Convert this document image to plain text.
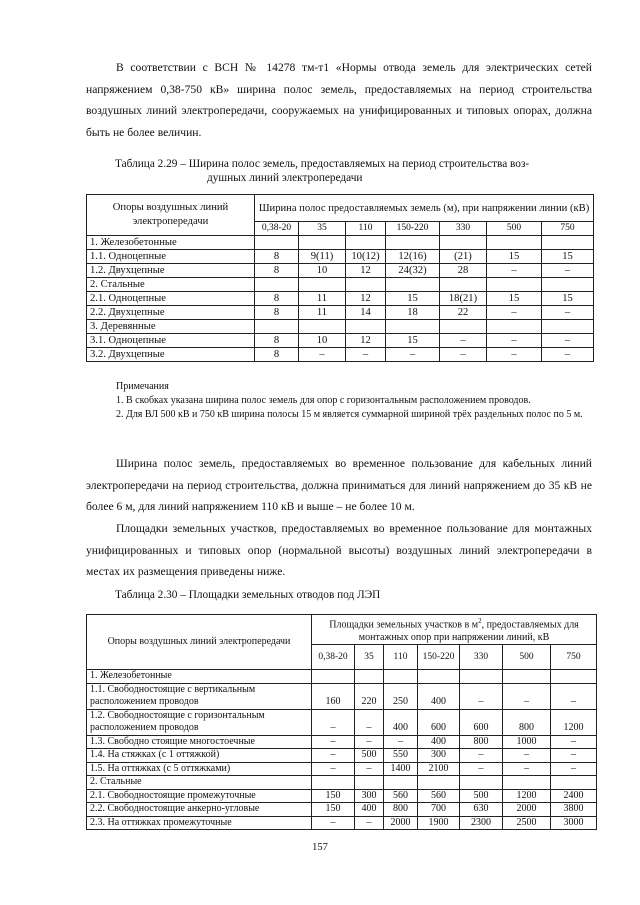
В соответствии с ВСН № 14278 тм-т1 «Нормы отвода земель для электрических сетей напряжением 0,38-750 кВ» ширина полос земель, предоставляемых на период строительства воздушных линий электропередачи, сооружаемых на унифицированных и типовых опорах, должна быть не более величин.

Таблица 2.29 – Ширина полос земель, предоставляемых на период строительства воз-
душных линий электропередачи
Опоры воздушных линий электропередачи	Ширина полос предоставляемых земель (м), при напряжении линии (кВ)						
	0,38-20	35	110	150-220	330	500	750
1. Железобетонные							
1.1. Одноцепные	8	9(11)	10(12)	12(16)	(21)	15	15
1.2. Двухцепные	8	10	12	24(32)	28	–	–
2. Стальные							
2.1. Одноцепные	8	11	12	15	18(21)	15	15
2.2. Двухцепные	8	11	14	18	22	–	–
3. Деревянные							
3.1. Одноцепные	8	10	12	15	–	–	–
3.2. Двухцепные	8	–	–	–	–	–	–

Примечания

1. В скобках указана ширина полос земель для опор с горизонтальным расположением проводов.

2. Для ВЛ 500 кВ и 750 кВ ширина полосы 15 м является суммарной шириной трёх раздельных полос по 5 м.

Ширина полос земель, предоставляемых во временное пользование для кабельных линий электропередачи на период строительства, должна приниматься для линий напряжением до 35 кВ не более 6 м, для линий напряжением 110 кВ и выше – не более 10 м.

Площадки земельных участков, предоставляемых во временное пользование для монтажных унифицированных и типовых опор (нормальной высоты) воздушных линий электропередачи в местах их размещения приведены ниже.

Таблица 2.30 – Площадки земельных отводов под ЛЭП
Опоры воздушных линий электропередачи	Площадки земельных участков в $м^2$, предоставляемых для монтажных опор при напряжении линий, кВ						
	0,38-20	35	110	150-220	330	500	750
1. Железобетонные							
1.1. Свободностоящие с вертикальным расположением проводов	160	220	250	400	–	–	–
1.2. Свободностоящие с горизонтальным расположением проводов	–	–	400	600	600	800	1200
1.3. Свободно стоящие многостоечные	–	–	–	400	800	1000	–
1.4. На стяжках (с 1 оттяжкой)	–	500	550	300	–	–	–
1.5. На оттяжках (с 5 оттяжками)	–	–	1400	2100	–	–	–
2. Стальные							
2.1. Свободностоящие промежуточные	150	300	560	560	500	1200	2400
2.2. Свободностоящие анкерно-угловые	150	400	800	700	630	2000	3800
2.3. На оттяжках промежуточные	–	–	2000	1900	2300	2500	3000
157
